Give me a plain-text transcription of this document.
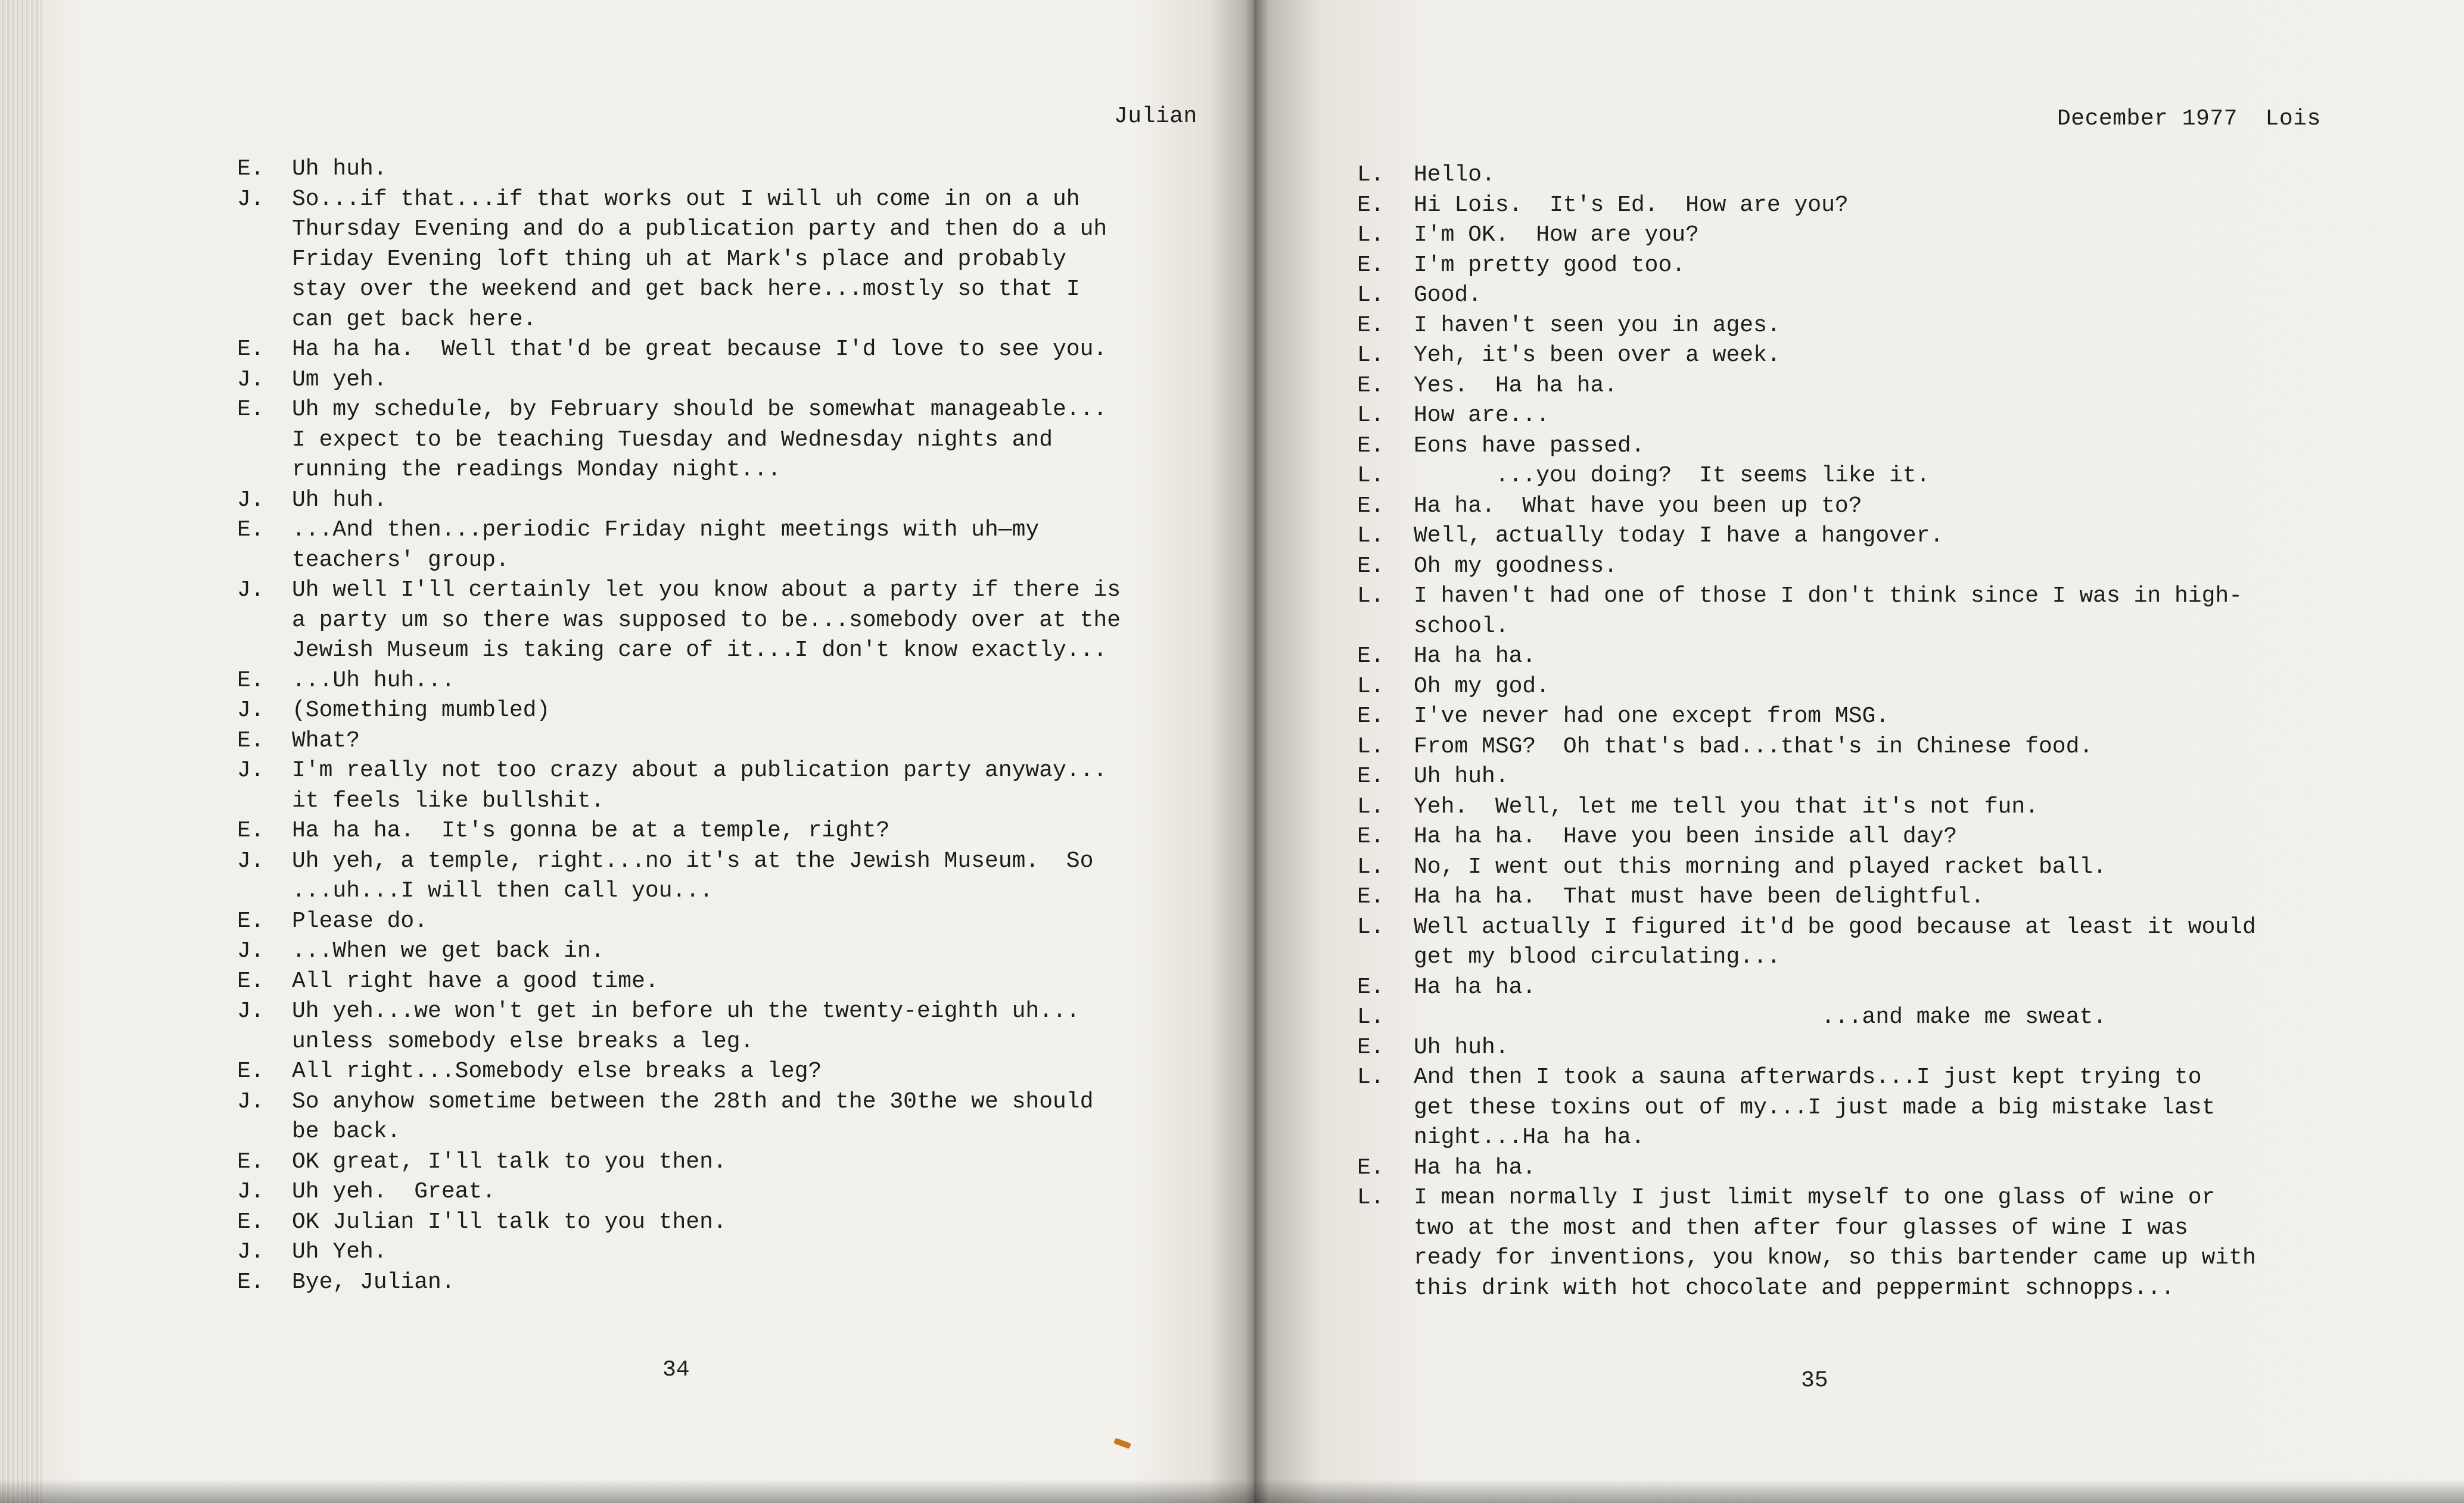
Julian
E. Uh huh.
J. So...if that...if that works out I will uh come in on a uh
Thursday Evening and do a publication party and then do a uh
Friday Evening loft thing uh at Mark's place and probably
stay over the weekend and get back here...mostly so that I
can get back here.
E. Ha ha ha.  Well that'd be great because I'd love to see you.
J. Um yeh.
E. Uh my schedule, by February should be somewhat manageable...
I expect to be teaching Tuesday and Wednesday nights and
running the readings Monday night...
J. Uh huh.
E. ...And then...periodic Friday night meetings with uh—my
teachers' group.
J. Uh well I'll certainly let you know about a party if there is
a party um so there was supposed to be...somebody over at the
Jewish Museum is taking care of it...I don't know exactly...
E. ...Uh huh...
J. (Something mumbled)
E. What?
J. I'm really not too crazy about a publication party anyway...
it feels like bullshit.
E. Ha ha ha.  It's gonna be at a temple, right?
J. Uh yeh, a temple, right...no it's at the Jewish Museum.  So
...uh...I will then call you...
E. Please do.
J. ...When we get back in.
E. All right have a good time.
J. Uh yeh...we won't get in before uh the twenty-eighth uh...
unless somebody else breaks a leg.
E. All right...Somebody else breaks a leg?
J. So anyhow sometime between the 28th and the 30the we should
be back.
E. OK great, I'll talk to you then.
J. Uh yeh.  Great.
E. OK Julian I'll talk to you then.
J. Uh Yeh.
E. Bye, Julian.
34
December 1977  Lois
L. Hello.
E. Hi Lois.  It's Ed.  How are you?
L. I'm OK.  How are you?
E. I'm pretty good too.
L. Good.
E. I haven't seen you in ages.
L. Yeh, it's been over a week.
E. Yes.  Ha ha ha.
L. How are...
E. Eons have passed.
L. ...you doing?  It seems like it.
E. Ha ha.  What have you been up to?
L. Well, actually today I have a hangover.
E. Oh my goodness.
L. I haven't had one of those I don't think since I was in high-
school.
E. Ha ha ha.
L. Oh my god.
E. I've never had one except from MSG.
L. From MSG?  Oh that's bad...that's in Chinese food.
E. Uh huh.
L. Yeh.  Well, let me tell you that it's not fun.
E. Ha ha ha.  Have you been inside all day?
L. No, I went out this morning and played racket ball.
E. Ha ha ha.  That must have been delightful.
L. Well actually I figured it'd be good because at least it would
get my blood circulating...
E. Ha ha ha.
L. ...and make me sweat.
E. Uh huh.
L. And then I took a sauna afterwards...I just kept trying to
get these toxins out of my...I just made a big mistake last
night...Ha ha ha.
E. Ha ha ha.
L. I mean normally I just limit myself to one glass of wine or
two at the most and then after four glasses of wine I was
ready for inventions, you know, so this bartender came up with
this drink with hot chocolate and peppermint schnopps...
35
